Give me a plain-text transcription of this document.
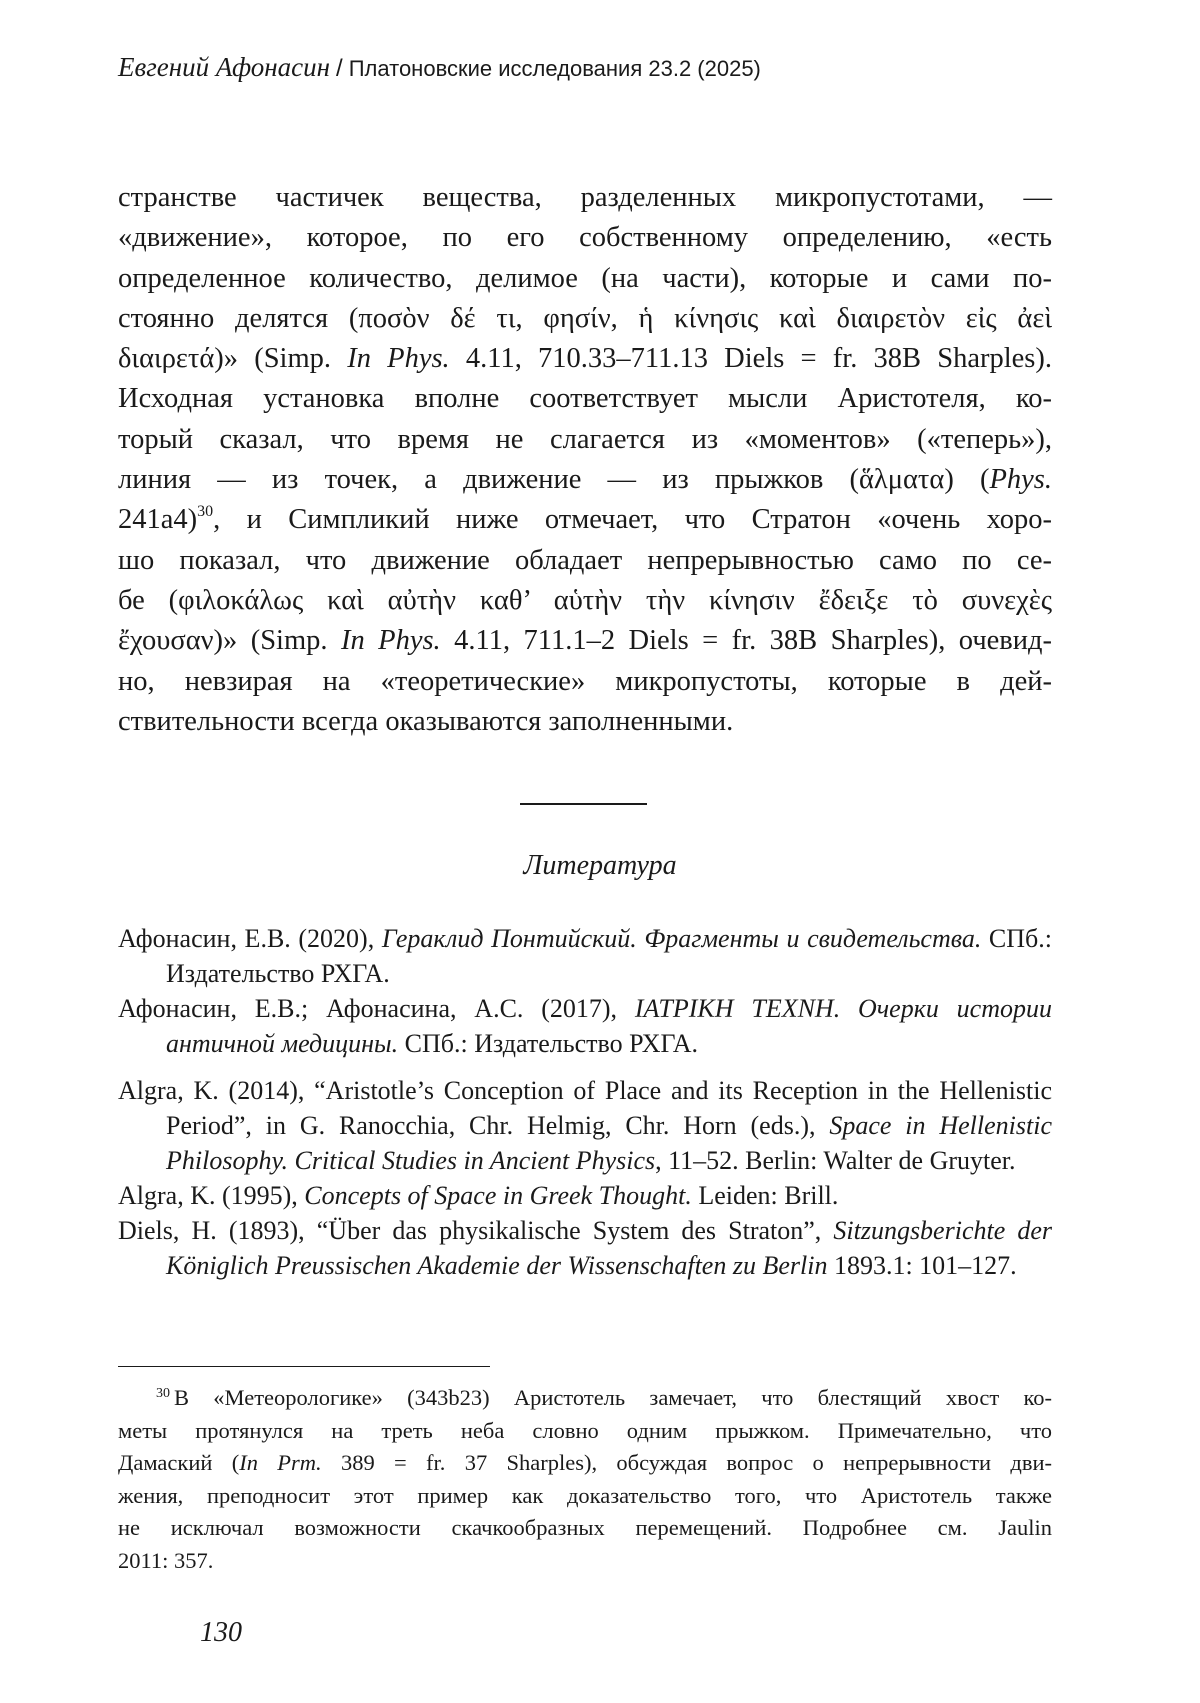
Евгений Афонасин / Платоновские исследования 23.2 (2025)
странстве частичек вещества, разделенных микропустотами, —
«движение», которое, по его собственному определению, «есть
определенное количество, делимое (на части), которые и сами по-
стоянно делятся (ποσὸν δέ τι, φησίν, ἡ κίνησις καὶ διαιρετὸν εἰς ἀεὶ
διαιρετά)» (Simp. In Phys. 4.11, 710.33–711.13 Diels = fr. 38B Sharples).
Исходная установка вполне соответствует мысли Аристотеля, ко-
торый сказал, что время не слагается из «моментов» («теперь»),
линия — из точек, а движение — из прыжков (ἅλματα) (Phys.
241a4)$^{30}$, и Симпликий ниже отмечает, что Стратон «очень хоро-
шо показал, что движение обладает непрерывностью само по се-
бе (φιλοκάλως καὶ αὐτὴν καθ’ αὑτὴν τὴν κίνησιν ἔδειξε τὸ συνεχὲς
ἔχουσαν)» (Simp. In Phys. 4.11, 711.1–2 Diels = fr. 38B Sharples), очевид-
но, невзирая на «теоретические» микропустоты, которые в дей-
ствительности всегда оказываются заполненными.
Литература

Афонасин, Е.В. (2020), Гераклид Понтийский. Фрагменты и свидетельства. СПб.: Издательство РХГА.

Афонасин, Е.В.; Афонасина, А.С. (2017), ΙΑΤΡΙΚΗ ΤΕΧΝΗ. Очерки истории античной медицины. СПб.: Издательство РХГА.

Algra, K. (2014), “Aristotle’s Conception of Place and its Reception in the Hellenistic Period”, in G. Ranocchia, Chr. Helmig, Chr. Horn (eds.), Space in Hellenistic Philosophy. Critical Studies in Ancient Physics, 11–52. Berlin: Walter de Gruyter.

Algra, K. (1995), Concepts of Space in Greek Thought. Leiden: Brill.

Diels, H. (1893), “Über das physikalische System des Straton”, Sitzungsberichte der Königlich Preussischen Akademie der Wissenschaften zu Berlin 1893.1: 101–127.

$^{30}$ В «Метеорологике» (343b23) Аристотель замечает, что блестящий хвост ко-
меты протянулся на треть неба словно одним прыжком. Примечательно, что
Дамаский (In Prm. 389 = fr. 37 Sharples), обсуждая вопрос о непрерывности дви-
жения, преподносит этот пример как доказательство того, что Аристотель также
не исключал возможности скачкообразных перемещений. Подробнее см. Jaulin
2011: 357.
130
